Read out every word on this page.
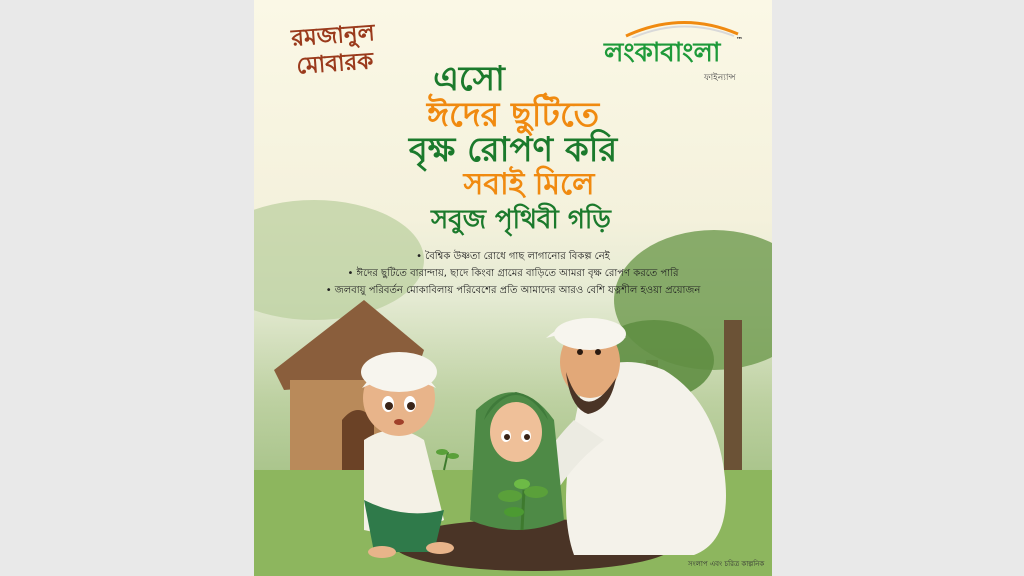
রমজানুল
মোবারক	লংকাবাংলা ™
ফাইন্যান্স
এসো
ঈদের ছুটিতে
বৃক্ষ রোপণ করি
সবাই মিলে
সবুজ পৃথিবী গড়ি
• বৈশ্বিক উষ্ণতা রোধে গাছ লাগানোর বিকল্প নেই
• ঈদের ছুটিতে বারান্দায়, ছাদে কিংবা গ্রামের বাড়িতে আমরা বৃক্ষ রোপণ করতে পারি
• জলবায়ু পরিবর্তন মোকাবিলায় পরিবেশের প্রতি আমাদের আরও বেশি যত্নশীল হওয়া প্রয়োজন
সংলাপ এবং চরিত্র কাল্পনিক
